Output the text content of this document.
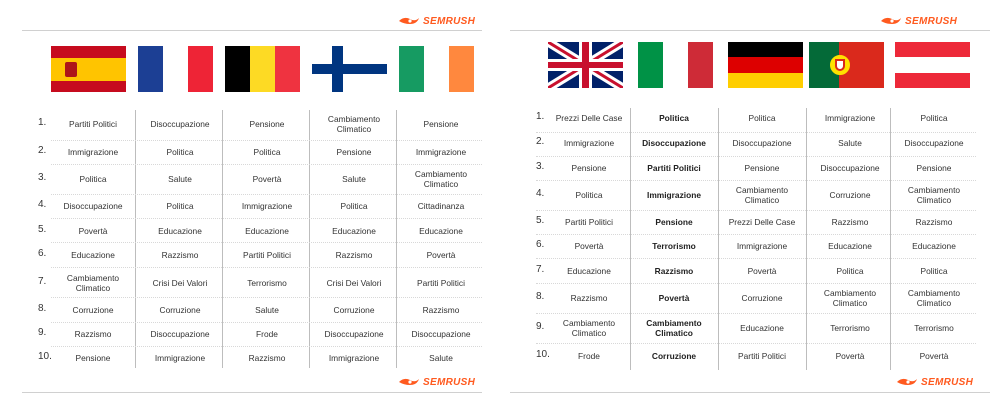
SEMRUSH
1.
2.
3.
4.
5.
6.
7.
8.
9.
10.
Partiti Politici
Immigrazione
Politica
Disoccupazione
Povertà
Educazione
Cambiamento Climatico
Corruzione
Razzismo
Pensione
Disoccupazione
Politica
Salute
Politica
Educazione
Razzismo
Crisi Dei Valori
Corruzione
Disoccupazione
Immigrazione
Pensione
Politica
Povertà
Immigrazione
Educazione
Partiti Politici
Terrorismo
Salute
Frode
Razzismo
Cambiamento Climatico
Pensione
Salute
Politica
Educazione
Razzismo
Crisi Dei Valori
Corruzione
Disoccupazione
Immigrazione
Pensione
Immigrazione
Cambiamento Climatico
Cittadinanza
Educazione
Povertà
Partiti Politici
Razzismo
Disoccupazione
Salute
SEMRUSH
SEMRUSH
1.
2.
3.
4.
5.
6.
7.
8.
9.
10.
Prezzi Delle Case
Immigrazione
Pensione
Politica
Partiti Politici
Povertà
Educazione
Razzismo
Cambiamento Climatico
Frode
Politica
Disoccupazione
Partiti Politici
Immigrazione
Pensione
Terrorismo
Razzismo
Povertà
Cambiamento Climatico
Corruzione
Politica
Disoccupazione
Pensione
Cambiamento Climatico
Prezzi Delle Case
Immigrazione
Povertà
Corruzione
Educazione
Partiti Politici
Immigrazione
Salute
Disoccupazione
Corruzione
Razzismo
Educazione
Politica
Cambiamento Climatico
Terrorismo
Povertà
Politica
Disoccupazione
Pensione
Cambiamento Climatico
Razzismo
Educazione
Politica
Cambiamento Climatico
Terrorismo
Povertà
SEMRUSH
